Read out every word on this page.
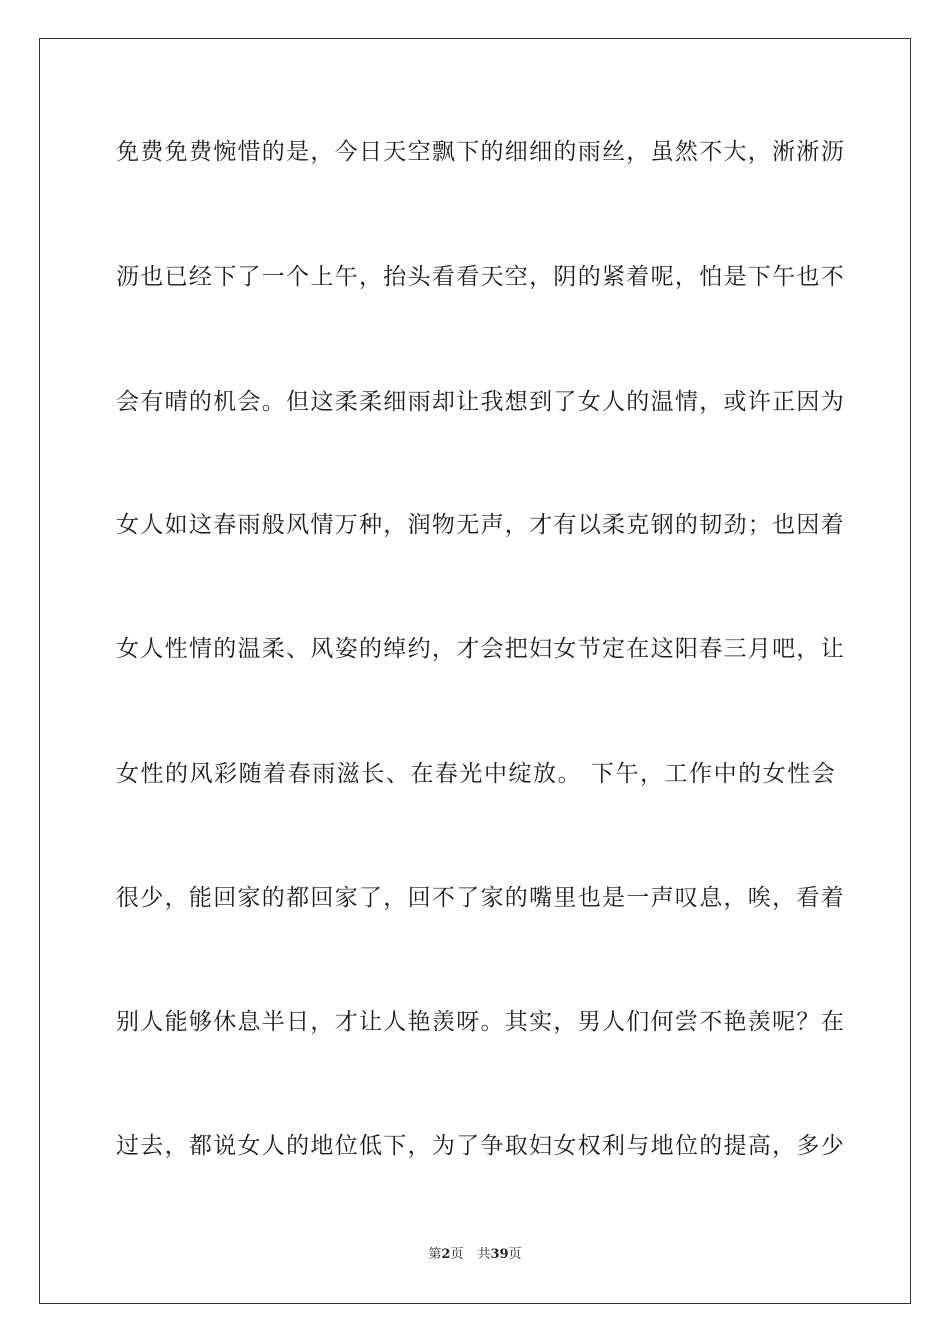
免费免费惋惜的是，今日天空飘下的细细的雨丝，虽然不大，淅淅沥
沥也已经下了一个上午，抬头看看天空，阴的紧着呢，怕是下午也不
会有晴的机会。但这柔柔细雨却让我想到了女人的温情，或许正因为
女人如这春雨般风情万种，润物无声，才有以柔克钢的韧劲；也因着
女人性情的温柔、风姿的绰约，才会把妇女节定在这阳春三月吧，让
女性的风彩随着春雨滋长、在春光中绽放。 下午，工作中的女性会
很少，能回家的都回家了，回不了家的嘴里也是一声叹息，唉，看着
别人能够休息半日，才让人艳羡呀。其实，男人们何尝不艳羡呢？在
过去，都说女人的地位低下，为了争取妇女权利与地位的提高，多少
第2页 共39页
